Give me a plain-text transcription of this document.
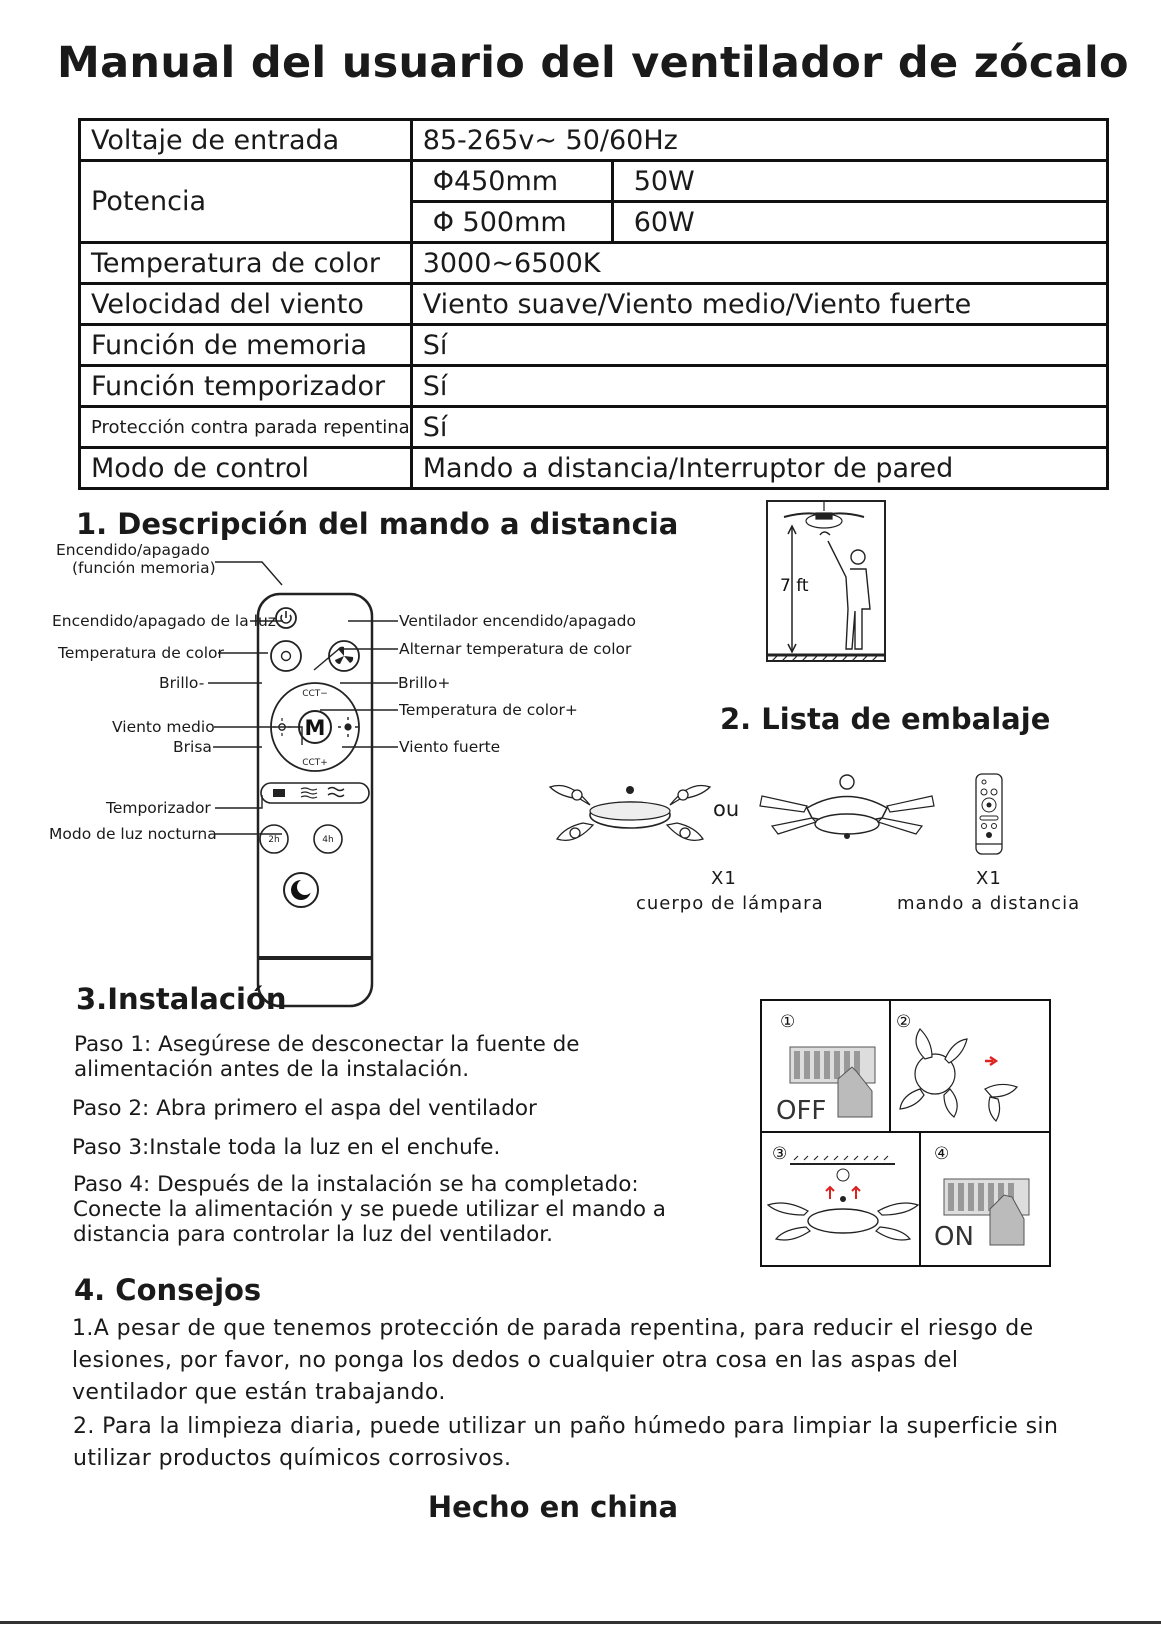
Manual del usuario del ventilador de zócalo
Voltaje de entrada	85-265v~ 50/60Hz	
Potencia	Φ450mm	50W
	Φ 500mm	60W
Temperatura de color	3000~6500K	
Velocidad del viento	Viento suave/Viento medio/Viento fuerte	
Función de memoria	Sí	
Función temporizador	Sí	
Protección contra parada repentina	Sí	
Modo de control	Mando a distancia/Interruptor de pared	
1. Descripción del mando a distancia
CCT−
CCT+
M
2h	4h
Encendido/apagado
(función memoria)
Encendido/apagado de la luz
Temperatura de color
Brillo-
Viento medio
Brisa
Temporizador
Modo de luz nocturna
Ventilador encendido/apagado
Alternar temperatura de color
Brillo+
Temperatura de color+
Viento fuerte
7 ft
2. Lista de embalaje
ou
X1
cuerpo de lámpara
X1
mando a distancia
3.Instalación
Paso 1: Asegúrese de desconectar la fuente de alimentación antes de la instalación.
Paso 2: Abra primero el aspa del ventilador
Paso 3:Instale toda la luz en el enchufe.
Paso 4: Después de la instalación se ha completado: Conecte la alimentación y se puede utilizar el mando a distancia para controlar la luz del ventilador.
①	②
③	④
OFF
ON
4. Consejos
1.A pesar de que tenemos protección de parada repentina, para reducir el riesgo de lesiones, por favor, no ponga los dedos o cualquier otra cosa en las aspas del ventilador que están trabajando.
2. Para la limpieza diaria, puede utilizar un paño húmedo para limpiar la superficie sin utilizar productos químicos corrosivos.
Hecho en china
